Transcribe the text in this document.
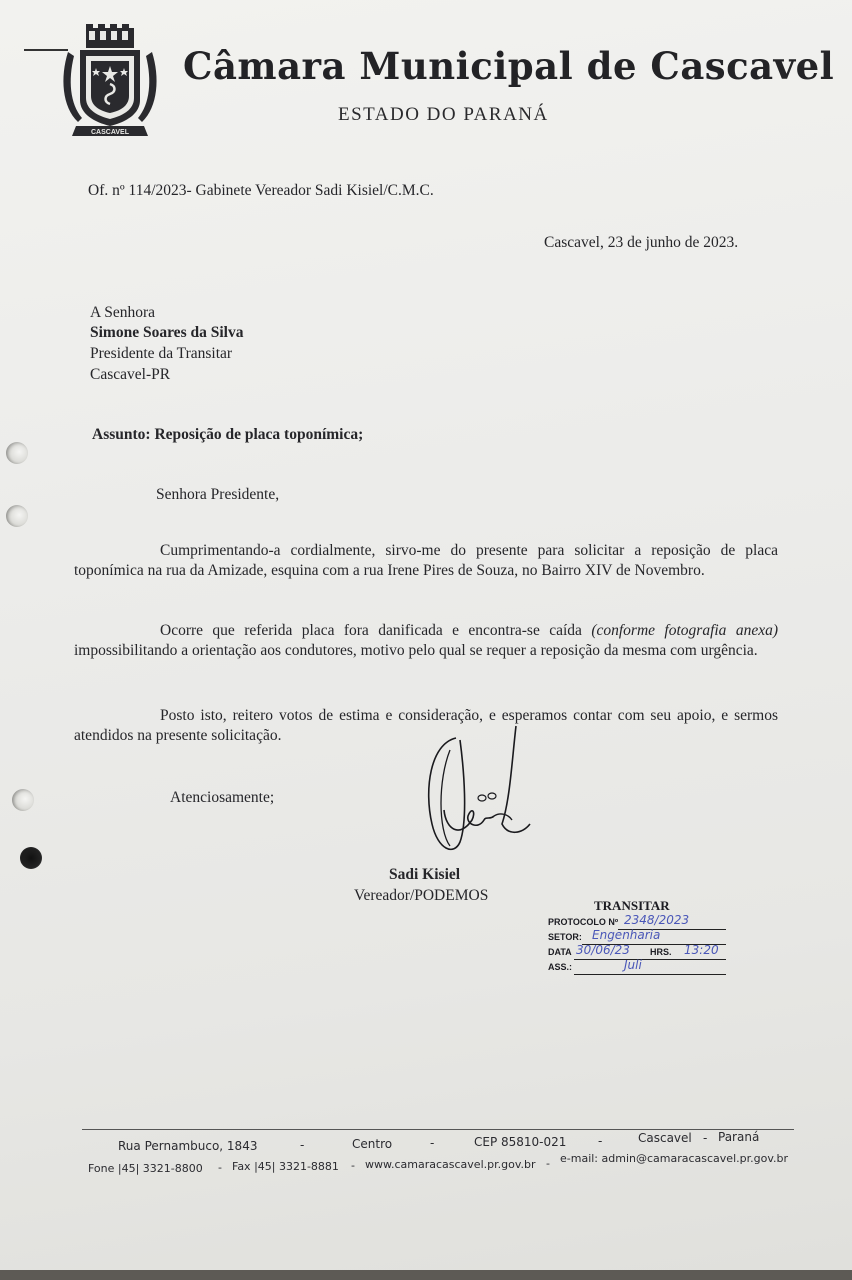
CASCAVEL
Câmara Municipal de Cascavel
ESTADO DO PARANÁ
Of. nº 114/2023- Gabinete Vereador Sadi Kisiel/C.M.C.
Cascavel, 23 de junho de 2023.
A Senhora
Simone Soares da Silva
Presidente da Transitar
Cascavel-PR
Assunto: Reposição de placa toponímica;
Senhora Presidente,
Cumprimentando-a cordialmente, sirvo-me do presente para solicitar a reposição de placa toponímica na rua da Amizade, esquina com a rua Irene Pires de Souza, no Bairro XIV de Novembro.
Ocorre que referida placa fora danificada e encontra-se caída (conforme fotografia anexa) impossibilitando a orientação aos condutores, motivo pelo qual se requer a reposição da mesma com urgência.
Posto isto, reitero votos de estima e consideração, e esperamos contar com seu apoio, e sermos atendidos na presente solicitação.
Atenciosamente;
Sadi Kisiel
Vereador/PODEMOS
TRANSITAR
PROTOCOLO Nº 2348/2023
SETOR: Engenharia
DATA 30/06/23 HRS. 13:20
ASS.:	Juli
Rua Pernambuco, 1843	-	Centro	-	CEP 85810-021	-	Cascavel - Paraná
Fone |45| 3321-8800 - Fax |45| 3321-8881 - www.camaracascavel.pr.gov.br - e-mail: admin@camaracascavel.pr.gov.br
